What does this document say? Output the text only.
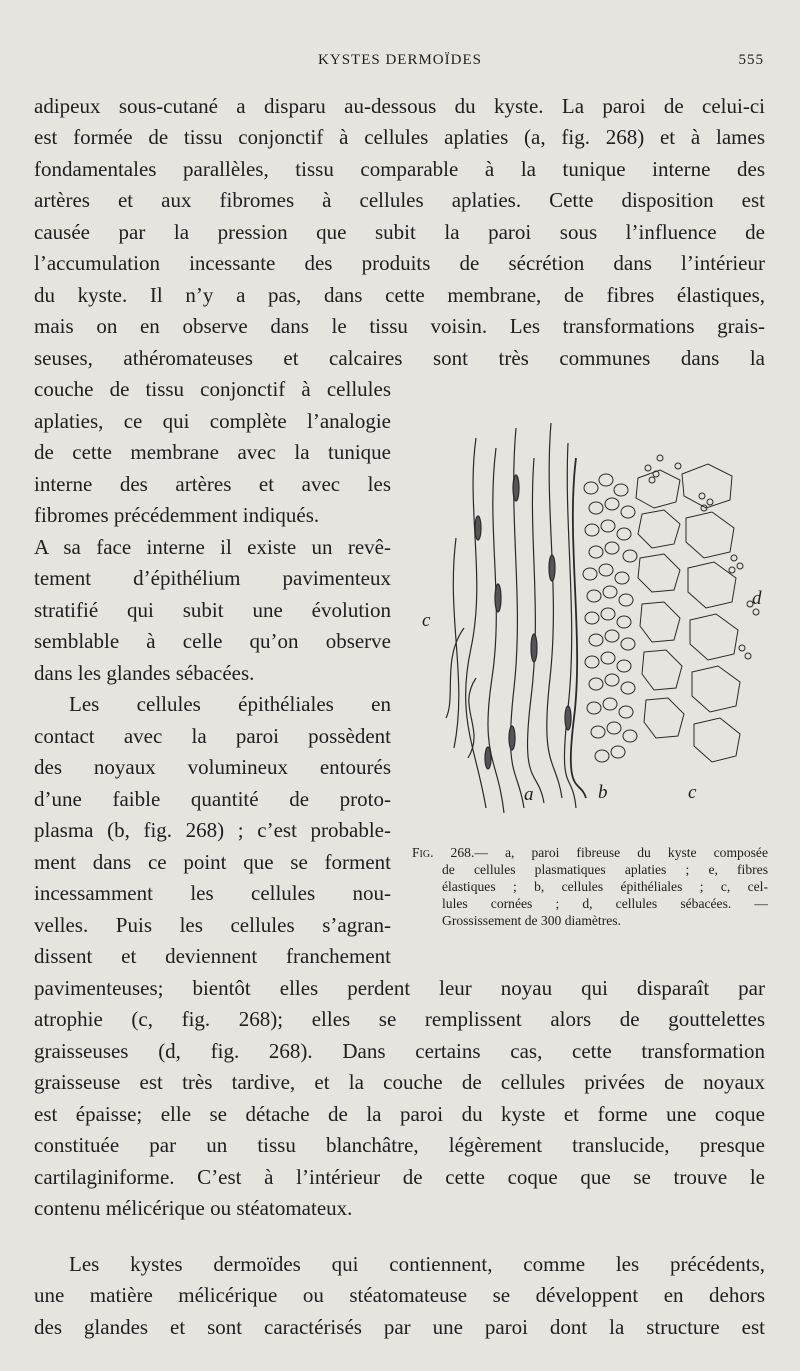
KYSTES DERMOÏDES	555
adipeux sous-cutané a disparu au-dessous du kyste. La paroi de celui-ci
est formée de tissu conjonctif à cellules aplaties (a, fig. 268) et à lames
fondamentales parallèles, tissu comparable à la tunique interne des
artères et aux fibromes à cellules aplaties. Cette disposition est
causée par la pression que subit la paroi sous l’influence de
l’accumulation incessante des produits de sécrétion dans l’intérieur
du kyste. Il n’y a pas, dans cette membrane, de fibres élastiques,
mais on en observe dans le tissu voisin. Les transformations grais-
seuses, athéromateuses et calcaires sont très communes dans la
couche de tissu conjonctif à cellules
aplaties, ce qui complète l’analogie
de cette membrane avec la tunique
interne des artères et avec les
fibromes précédemment indiqués.
A sa face interne il existe un revê-
tement d’épithélium pavimenteux
stratifié qui subit une évolution
semblable à celle qu’on observe
dans les glandes sébacées.
Les cellules épithéliales en
contact avec la paroi possèdent
des noyaux volumineux entourés
d’une faible quantité de proto-
plasma (b, fig. 268) ; c’est probable-
ment dans ce point que se forment
incessamment les cellules nou-
velles. Puis les cellules s’agran-
dissent et deviennent franchement
pavimenteuses; bientôt elles perdent leur noyau qui disparaît par
atrophie (c, fig. 268); elles se remplissent alors de gouttelettes
graisseuses (d, fig. 268). Dans certains cas, cette transformation
graisseuse est très tardive, et la couche de cellules privées de noyaux
est épaisse; elle se détache de la paroi du kyste et forme une coque
constituée par un tissu blanchâtre, légèrement translucide, presque
cartilaginiforme. C’est à l’intérieur de cette coque que se trouve le
contenu mélicérique ou stéatomateux.
Les kystes dermoïdes qui contiennent, comme les précédents,
une matière mélicérique ou stéatomateuse se développent en dehors
des glandes et sont caractérisés par une paroi dont la structure est
c
a	b	c
d
Fig. 268.— a, paroi fibreuse du kyste composée
de cellules plasmatiques aplaties ; e, fibres
élastiques ; b, cellules épithéliales ; c, cel-
lules cornées ; d, cellules sébacées. —
Grossissement de 300 diamètres.
